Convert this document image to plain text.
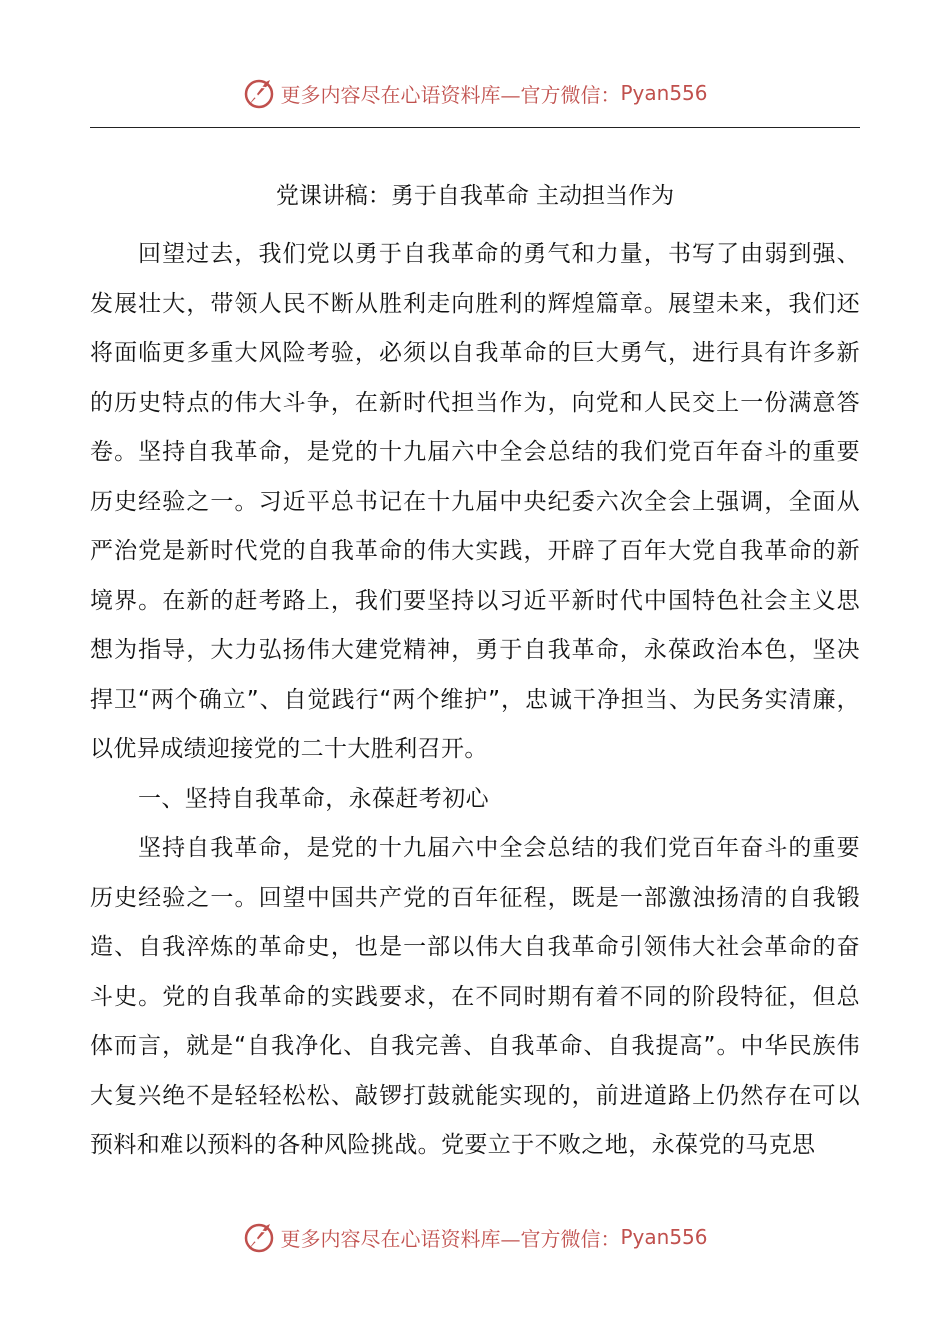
更多内容尽在心语资料库—官方微信： Pyan556
党课讲稿：勇于自我革命 主动担当作为

回望过去，我们党以勇于自我革命的勇气和力量，书写了由弱到强、发展壮大，带领人民不断从胜利走向胜利的辉煌篇章。展望未来，我们还将面临更多重大风险考验，必须以自我革命的巨大勇气，进行具有许多新的历史特点的伟大斗争，在新时代担当作为，向党和人民交上一份满意答卷。坚持自我革命，是党的十九届六中全会总结的我们党百年奋斗的重要历史经验之一。习近平总书记在十九届中央纪委六次全会上强调，全面从严治党是新时代党的自我革命的伟大实践，开辟了百年大党自我革命的新境界。在新的赶考路上，我们要坚持以习近平新时代中国特色社会主义思想为指导，大力弘扬伟大建党精神，勇于自我革命，永葆政治本色，坚决捍卫“两个确立”、自觉践行“两个维护”，忠诚干净担当、为民务实清廉，以优异成绩迎接党的二十大胜利召开。

一、坚持自我革命，永葆赶考初心

坚持自我革命，是党的十九届六中全会总结的我们党百年奋斗的重要历史经验之一。回望中国共产党的百年征程，既是一部激浊扬清的自我锻造、自我淬炼的革命史，也是一部以伟大自我革命引领伟大社会革命的奋斗史。党的自我革命的实践要求，在不同时期有着不同的阶段特征，但总体而言，就是“自我净化、自我完善、自我革命、自我提高”。中华民族伟大复兴绝不是轻轻松松、敲锣打鼓就能实现的，前进道路上仍然存在可以预料和难以预料的各种风险挑战。党要立于不败之地，永葆党的马克思

更多内容尽在心语资料库—官方微信： Pyan556
